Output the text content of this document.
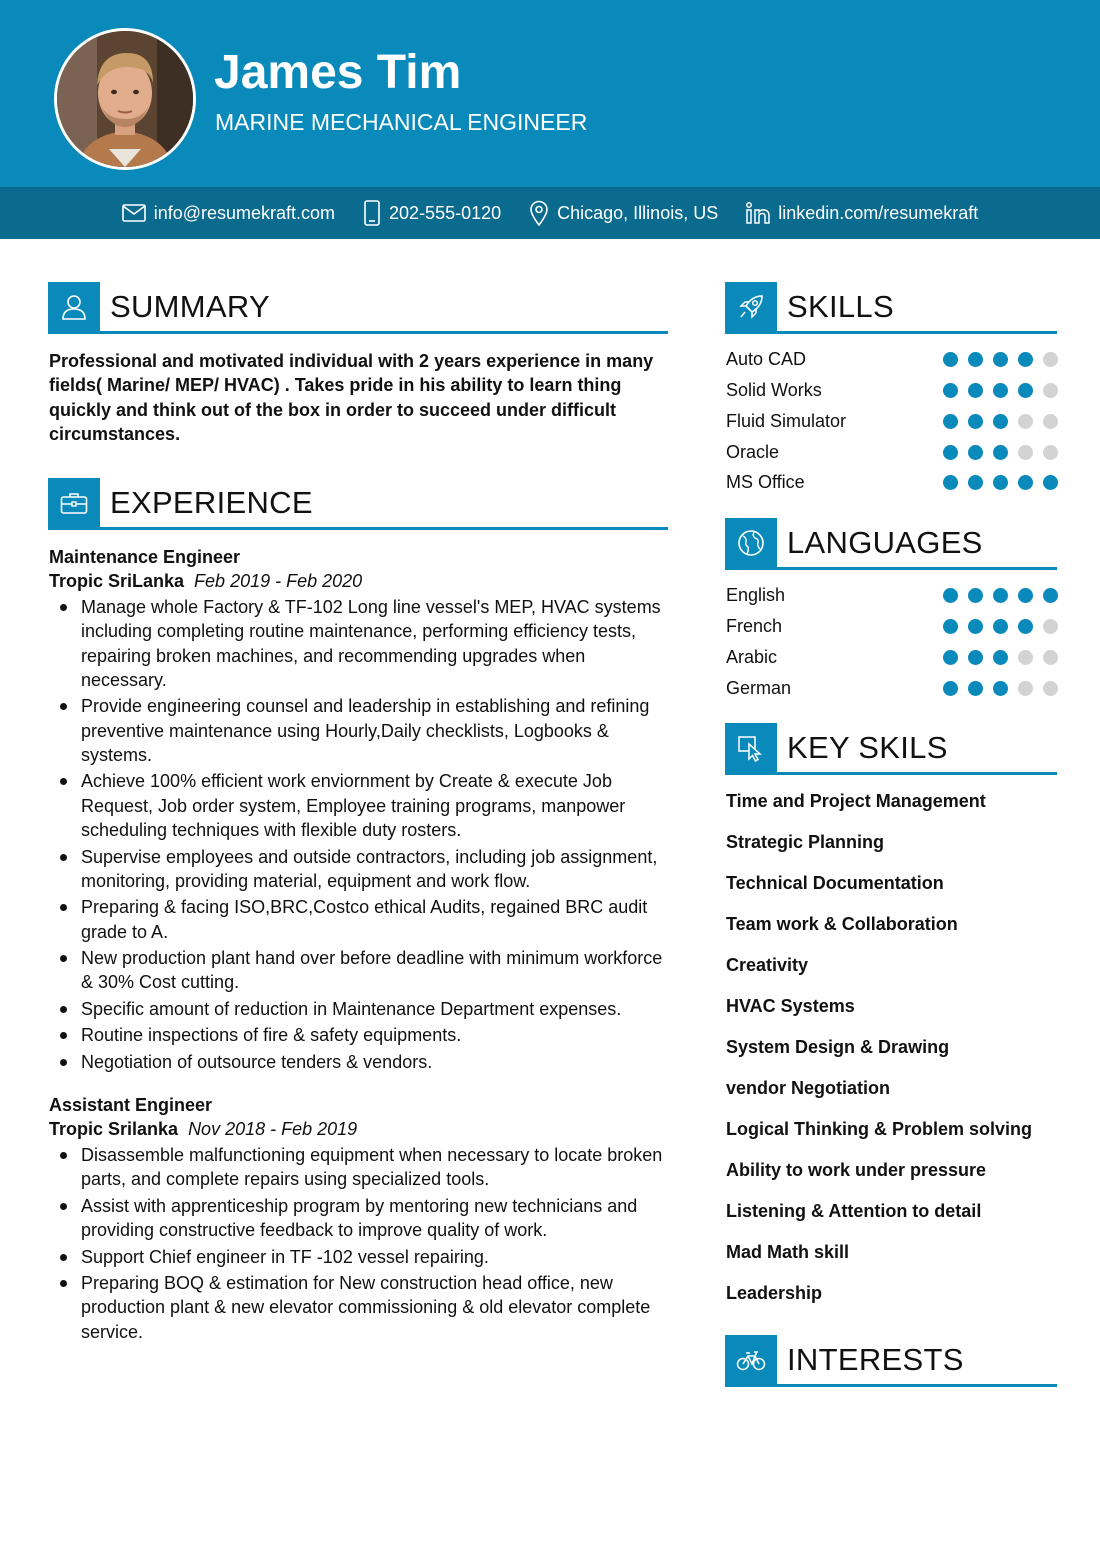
James Tim
MARINE MECHANICAL ENGINEER
info@resumekraft.com	202-555-0120	Chicago, Illinois, US	linkedin.com/resumekraft
SUMMARY
Professional and motivated individual with 2 years experience in many fields( Marine/ MEP/ HVAC) . Takes pride in his ability to learn thing quickly and think out of the box in order to succeed under difficult circumstances.
EXPERIENCE
Maintenance Engineer
Tropic SriLanka Feb 2019 - Feb 2020
Manage whole Factory & TF-102 Long line vessel's MEP, HVAC systems including completing routine maintenance, performing efficiency tests, repairing broken machines, and recommending upgrades when necessary.
Provide engineering counsel and leadership in establishing and refining preventive maintenance using Hourly,Daily checklists, Logbooks & systems.
Achieve 100% efficient work enviornment by Create & execute Job Request, Job order system, Employee training programs, manpower scheduling techniques with flexible duty rosters.
Supervise employees and outside contractors, including job assignment, monitoring, providing material, equipment and work flow.
Preparing & facing ISO,BRC,Costco ethical Audits, regained BRC audit grade to A.
New production plant hand over before deadline with minimum workforce & 30% Cost cutting.
Specific amount of reduction in Maintenance Department expenses.
Routine inspections of fire & safety equipments.
Negotiation of outsource tenders & vendors.
Assistant Engineer
Tropic Srilanka Nov 2018 - Feb 2019
Disassemble malfunctioning equipment when necessary to locate broken parts, and complete repairs using specialized tools.
Assist with apprenticeship program by mentoring new technicians and providing constructive feedback to improve quality of work.
Support Chief engineer in TF -102 vessel repairing.
Preparing BOQ & estimation for New construction head office, new production plant & new elevator commissioning & old elevator complete service.
SKILLS
Auto CAD
Solid Works
Fluid Simulator
Oracle
MS Office
LANGUAGES
English
French
Arabic
German
KEY SKILS
Time and Project Management
Strategic Planning
Technical Documentation
Team work & Collaboration
Creativity
HVAC Systems
System Design & Drawing
vendor Negotiation
Logical Thinking & Problem solving
Ability to work under pressure
Listening & Attention to detail
Mad Math skill
Leadership
INTERESTS
